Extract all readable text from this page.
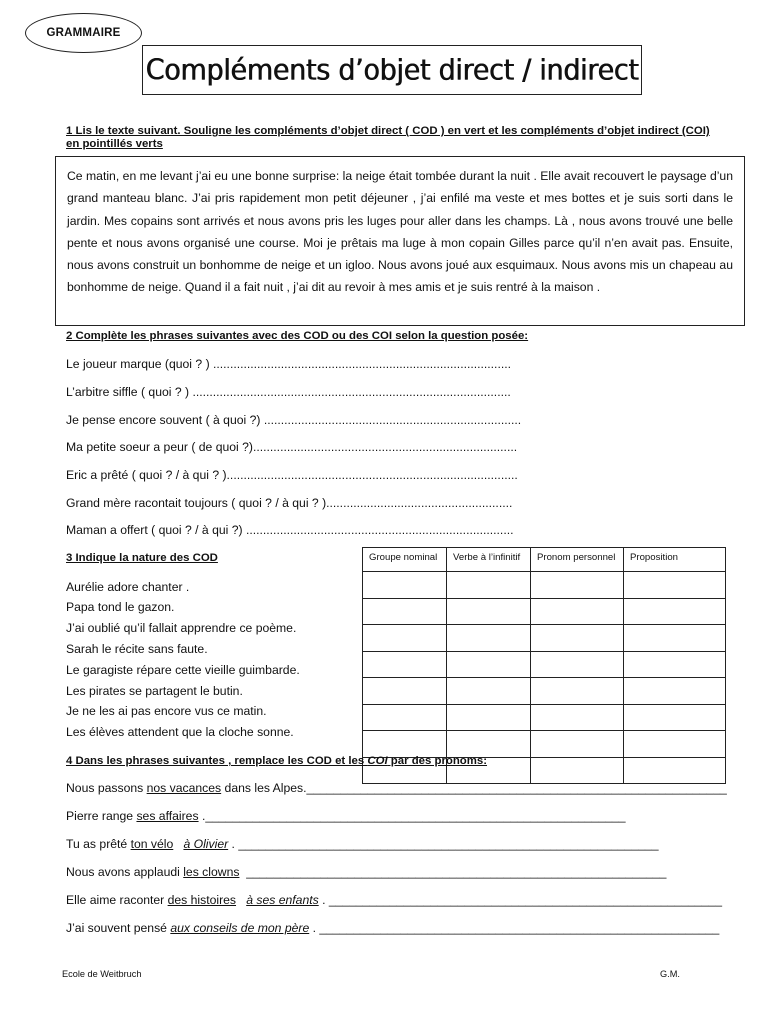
GRAMMAIRE
Compléments d’objet direct / indirect
1 Lis le texte suivant. Souligne les compléments d’objet direct ( COD ) en vert et les compléments d’objet indirect (COI) en pointillés verts
Ce matin, en me levant j’ai eu une bonne surprise: la neige était tombée durant la nuit . Elle avait recouvert le paysage d’un grand manteau blanc. J’ai pris rapidement mon petit déjeuner , j’ai enfilé ma veste et mes bottes et je suis sorti dans le jardin. Mes copains sont arrivés et nous avons pris les luges pour aller dans les champs. Là , nous avons trouvé une belle pente et nous avons organisé une course. Moi je prêtais ma luge à mon copain Gilles parce qu’il n’en avait pas. Ensuite, nous avons construit un bonhomme de neige et un igloo. Nous avons joué aux esquimaux. Nous avons mis un chapeau au bonhomme de neige. Quand il a fait nuit , j’ai dit au revoir à mes amis et je suis rentré à la maison .
2 Complète les phrases suivantes avec des COD ou des COI selon la question posée:
Le joueur marque (quoi ? ) ........................................................................................
L’arbitre siffle ( quoi ? ) ..............................................................................................
Je pense encore souvent ( à quoi ?) ............................................................................
Ma petite soeur a peur ( de quoi ?)..............................................................................
Eric a prêté ( quoi ? / à qui ? )......................................................................................
Grand mère racontait toujours ( quoi ? / à qui ? ).......................................................
Maman a offert ( quoi ? / à qui ?) ...............................................................................
3 Indique la nature des COD
Aurélie adore chanter .
Papa tond le gazon.
J’ai oublié qu’il fallait apprendre ce poème.
Sarah le récite sans faute.
Le garagiste répare cette vieille guimbarde.
Les pirates se partagent le butin.
Je ne les ai pas encore vus ce matin.
Les élèves attendent que la cloche sonne.
Groupe nominal	Verbe à l’infinitif	Pronom personnel	Proposition

4 Dans les phrases suivantes , remplace les COD et les COI par des pronoms:
Nous passons nos vacances dans les Alpes.______________________________________________________________
Pierre range ses affaires .______________________________________________________________
Tu as prêté ton vélo à Olivier . ______________________________________________________________
Nous avons applaudi les clowns  ______________________________________________________________
Elle aime raconter des histoires à ses enfants . __________________________________________________________
J’ai souvent pensé aux conseils de mon père . ___________________________________________________________
Ecole de Weitbruch	G.M.
